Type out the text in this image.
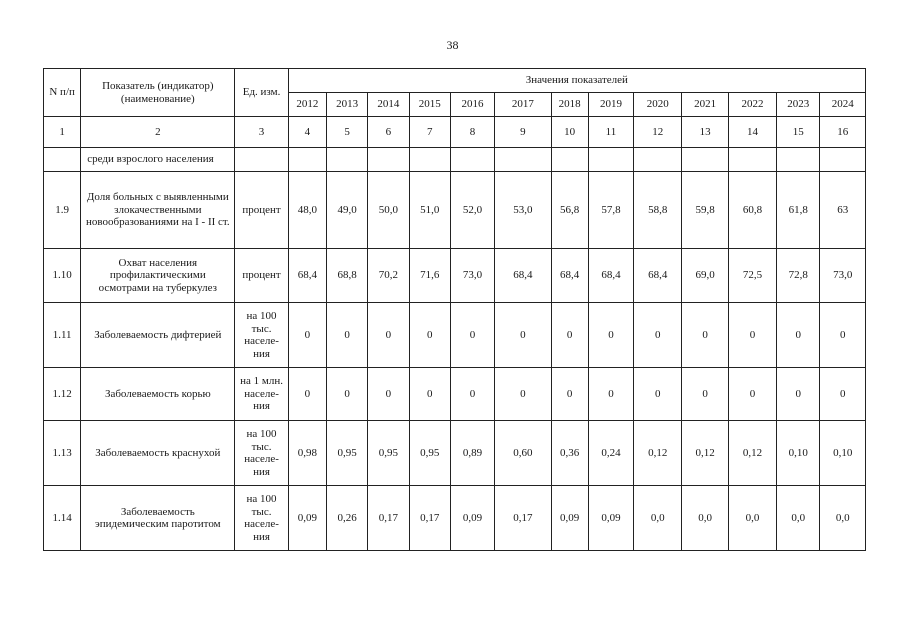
38
N п/п	Показатель (индикатор) (наименование)	Ед. изм.	Значения показателей												
			2012	2013	2014	2015	2016	2017	2018	2019	2020	2021	2022	2023	2024
1	2	3	4	5	6	7	8	9	10	11	12	13	14	15	16
	среди взрослого населения														
1.9	Доля больных с выявленными злокачественными новообразованиями на I - II ст.	процент	48,0	49,0	50,0	51,0	52,0	53,0	56,8	57,8	58,8	59,8	60,8	61,8	63
1.10	Охват населения профилактическими осмотрами на туберкулез	процент	68,4	68,8	70,2	71,6	73,0	68,4	68,4	68,4	68,4	69,0	72,5	72,8	73,0
1.11	Заболеваемость дифтерией	на 100 тыс. населе- ния	0	0	0	0	0	0	0	0	0	0	0	0	0
1.12	Заболеваемость корью	на 1 млн. населе- ния	0	0	0	0	0	0	0	0	0	0	0	0	0
1.13	Заболеваемость краснухой	на 100 тыс. населе- ния	0,98	0,95	0,95	0,95	0,89	0,60	0,36	0,24	0,12	0,12	0,12	0,10	0,10
1.14	Заболеваемость эпидемическим паротитом	на 100 тыс. населе- ния	0,09	0,26	0,17	0,17	0,09	0,17	0,09	0,09	0,0	0,0	0,0	0,0	0,0
